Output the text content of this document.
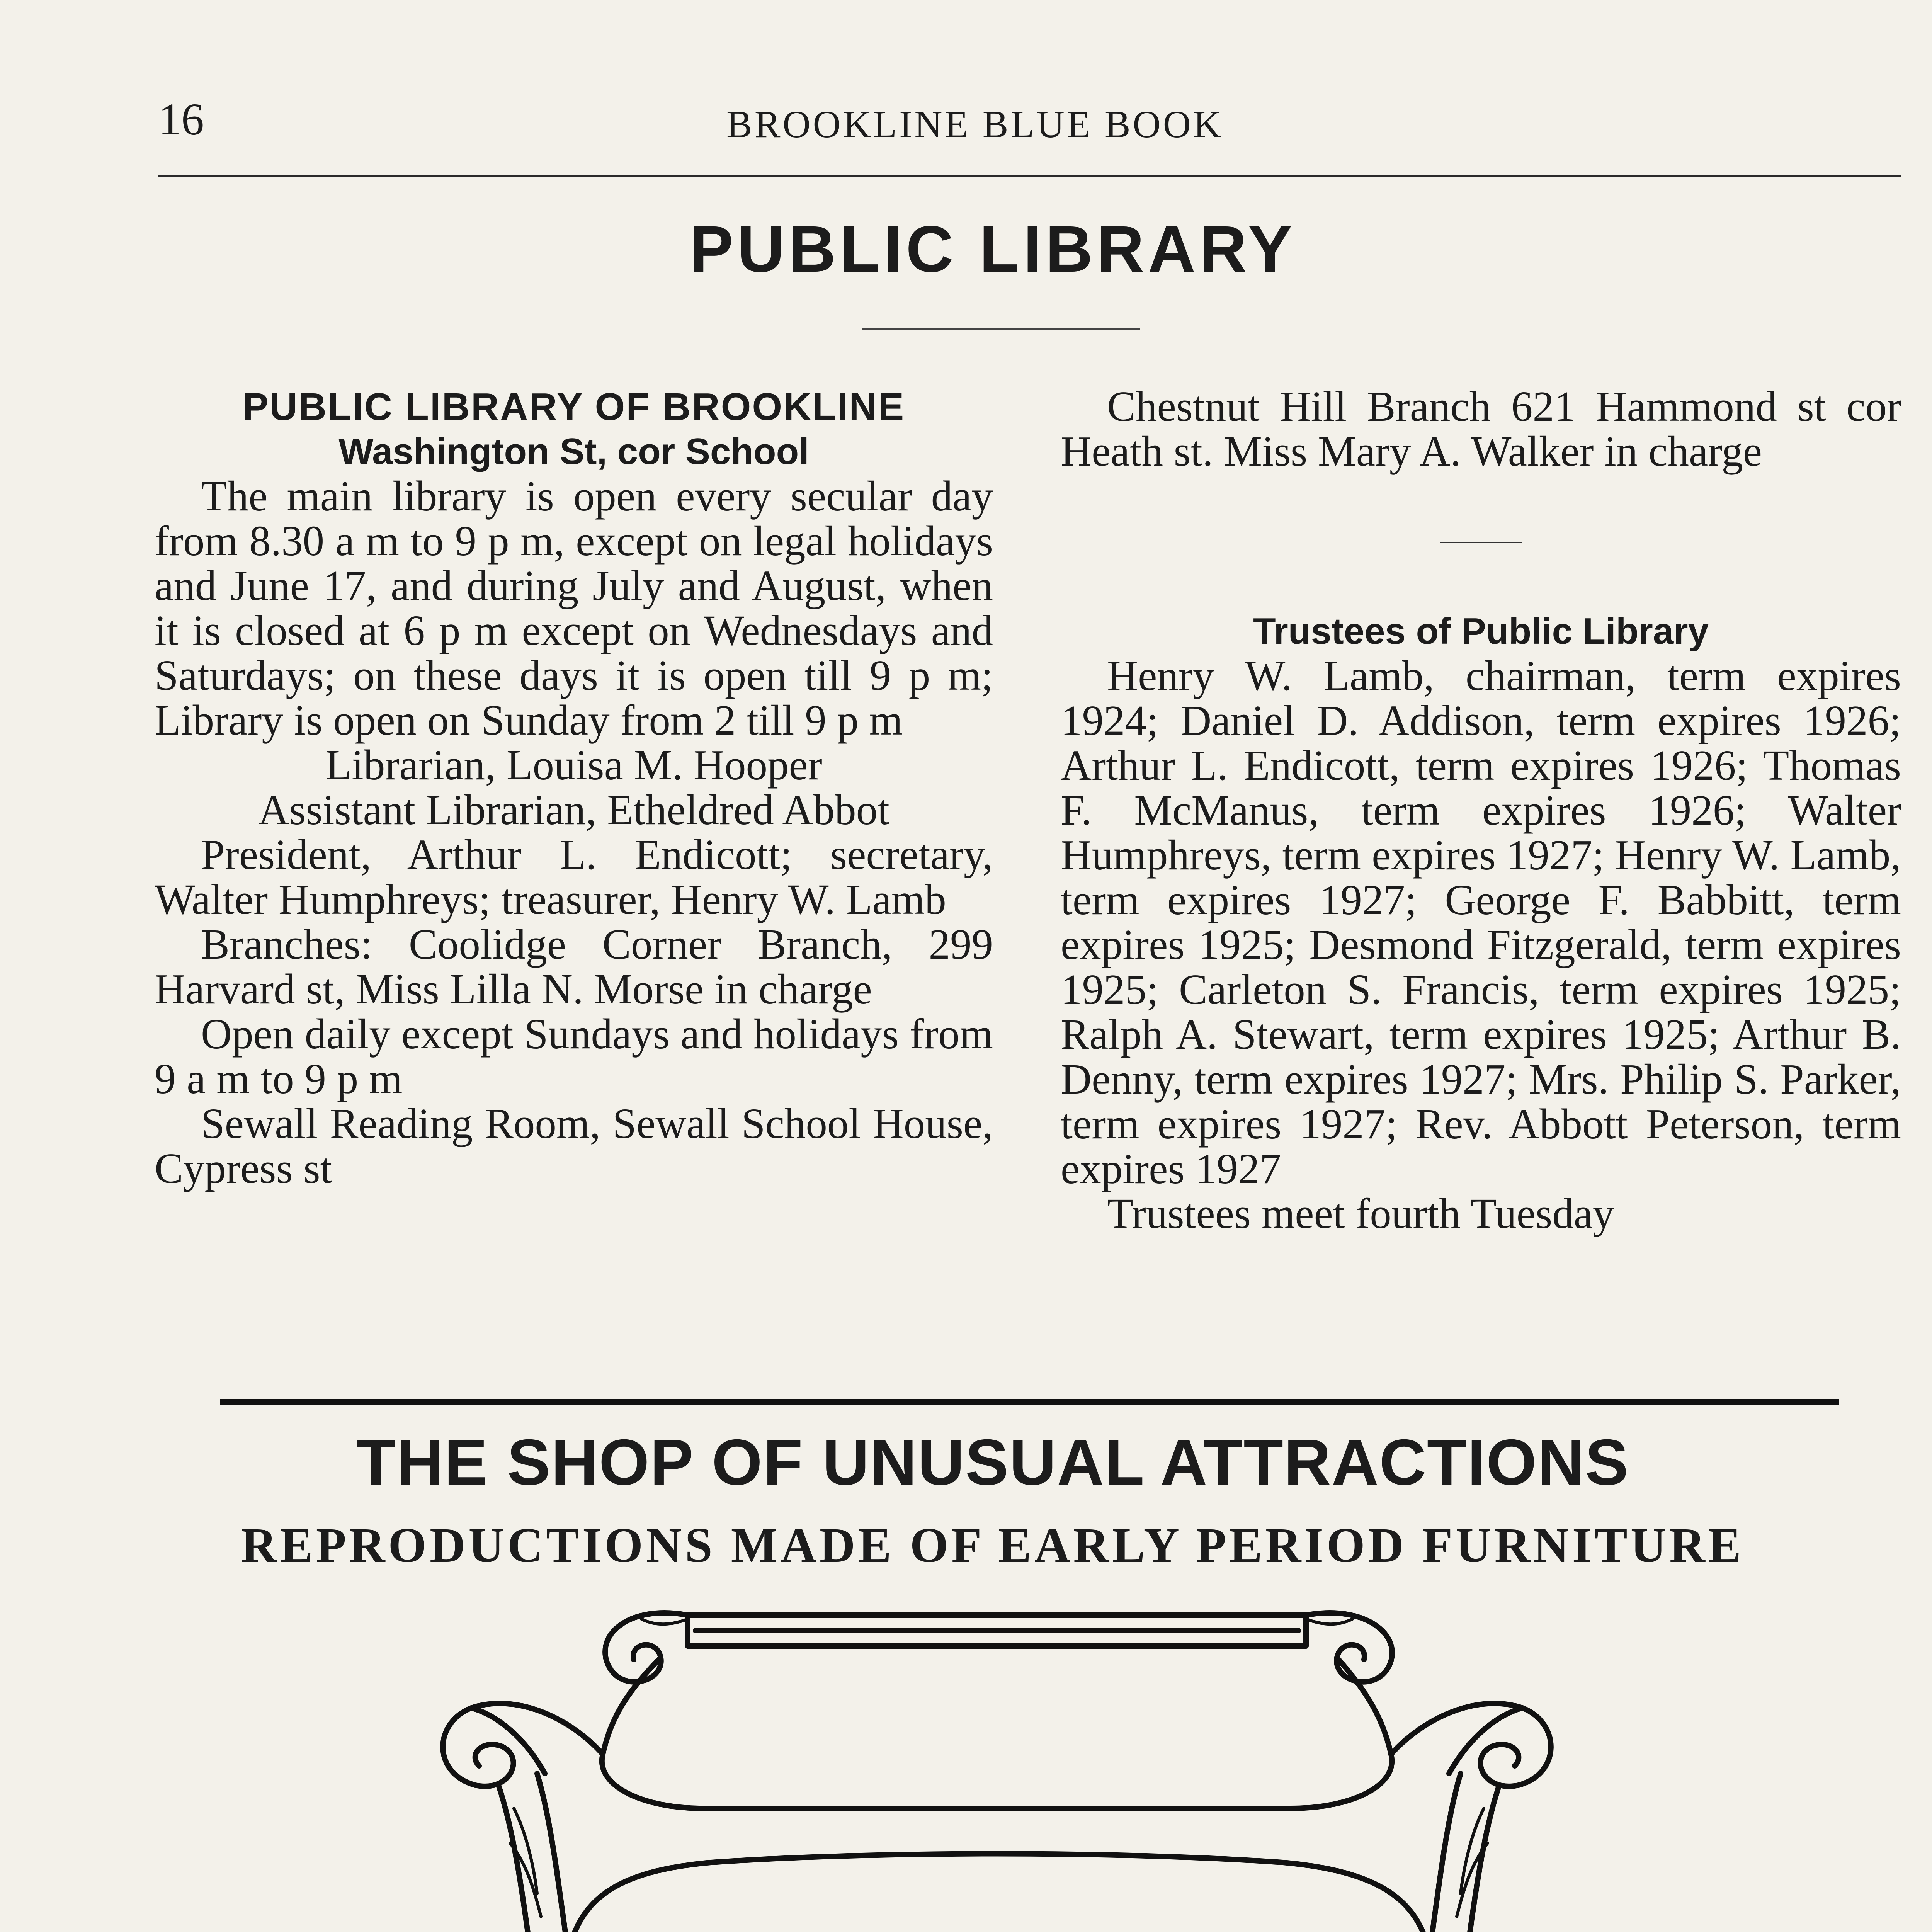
16	BROOKLINE BLUE BOOK
PUBLIC LIBRARY
PUBLIC LIBRARY OF BROOKLINE
Washington St, cor School

The main library is open every secular day from 8.30 a m to 9 p m, except on legal holidays and June 17, and during July and August, when it is closed at 6 p m except on Wednesdays and Saturdays; on these days it is open till 9 p m; Library is open on Sunday from 2 till 9 p m

Librarian, Louisa M. Hooper
Assistant Librarian, Etheldred Abbot

President, Arthur L. Endicott; secretary, Walter Humphreys; treasurer, Henry W. Lamb

Branches: Coolidge Corner Branch, 299 Harvard st, Miss Lilla N. Morse in charge

Open daily except Sundays and holidays from 9 a m to 9 p m

Sewall Reading Room, Sewall School House, Cypress st

Chestnut Hill Branch 621 Hammond st cor Heath st. Miss Mary A. Walker in charge

Trustees of Public Library

Henry W. Lamb, chairman, term expires 1924; Daniel D. Addison, term expires 1926; Arthur L. Endicott, term expires 1926; Thomas F. McManus, term expires 1926; Walter Humphreys, term expires 1927; Henry W. Lamb, term expires 1927; George F. Babbitt, term expires 1925; Desmond Fitzgerald, term expires 1925; Carleton S. Francis, term expires 1925; Ralph A. Stewart, term expires 1925; Arthur B. Denny, term expires 1927; Mrs. Philip S. Parker, term expires 1927; Rev. Abbott Peterson, term expires 1927

Trustees meet fourth Tuesday

THE SHOP OF UNUSUAL ATTRACTIONS
REPRODUCTIONS MADE OF EARLY PERIOD FURNITURE
